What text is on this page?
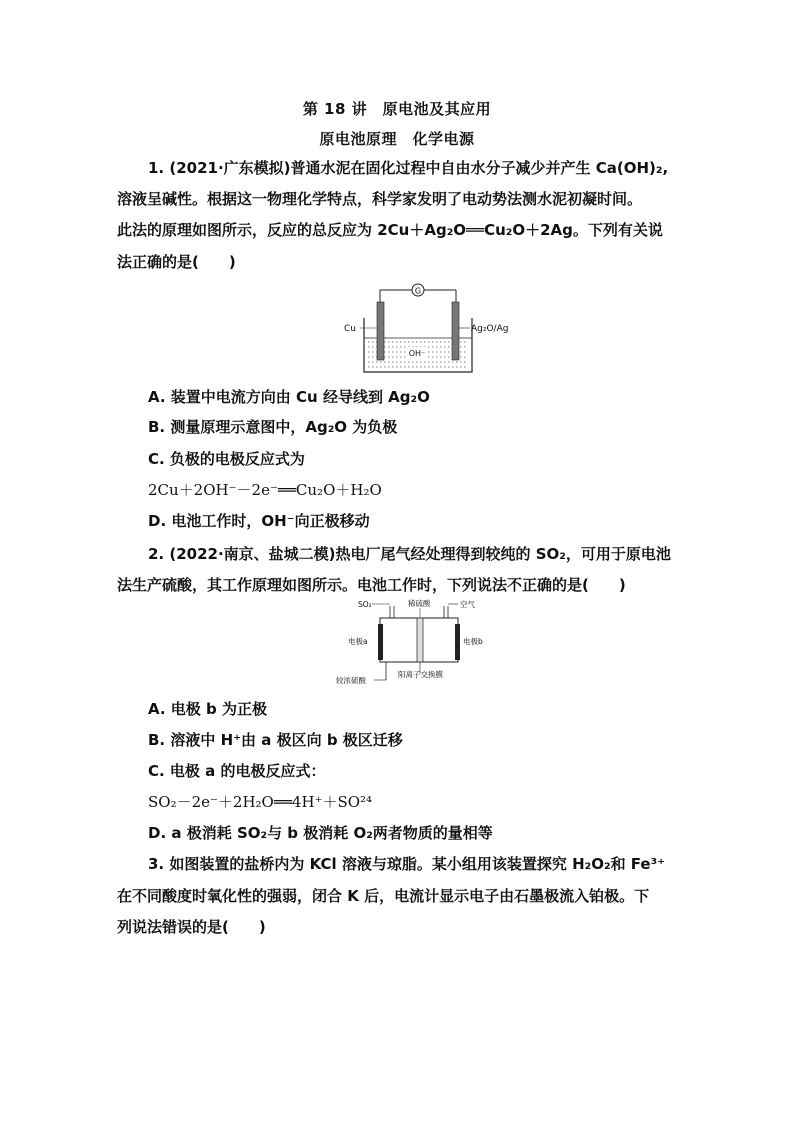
第 18 讲　原电池及其应用
原电池原理　化学电源
1. (2021·广东模拟)普通水泥在固化过程中自由水分子减少并产生 Ca(OH)₂,
溶液呈碱性。根据这一物理化学特点，科学家发明了电动势法测水泥初凝时间。
此法的原理如图所示，反应的总反应为 2Cu＋Ag₂O══Cu₂O＋2Ag。下列有关说
法正确的是(　　)
G
OH⁻
Cu	Ag₂O/Ag
A. 装置中电流方向由 Cu 经导线到 Ag₂O
B. 测量原理示意图中，Ag₂O 为负极
C. 负极的电极反应式为
2Cu＋2OH⁻－2e⁻══Cu₂O＋H₂O
D. 电池工作时，OH⁻向正极移动
2. (2022·南京、盐城二模)热电厂尾气经处理得到较纯的 SO₂，可用于原电池
法生产硫酸，其工作原理如图所示。电池工作时，下列说法不正确的是(　　)
SO₂	稀硫酸	空气
电极a	电极b
较浓硫酸
阳离子交换膜
A. 电极 b 为正极
B. 溶液中 H⁺由 a 极区向 b 极区迁移
C. 电极 a 的电极反应式：
SO₂－2e⁻＋2H₂O══4H⁺＋SO²⁴
D. a 极消耗 SO₂与 b 极消耗 O₂两者物质的量相等
3. 如图装置的盐桥内为 KCl 溶液与琼脂。某小组用该装置探究 H₂O₂和 Fe³⁺
在不同酸度时氧化性的强弱，闭合 K 后，电流计显示电子由石墨极流入铂极。下
列说法错误的是(　　)
